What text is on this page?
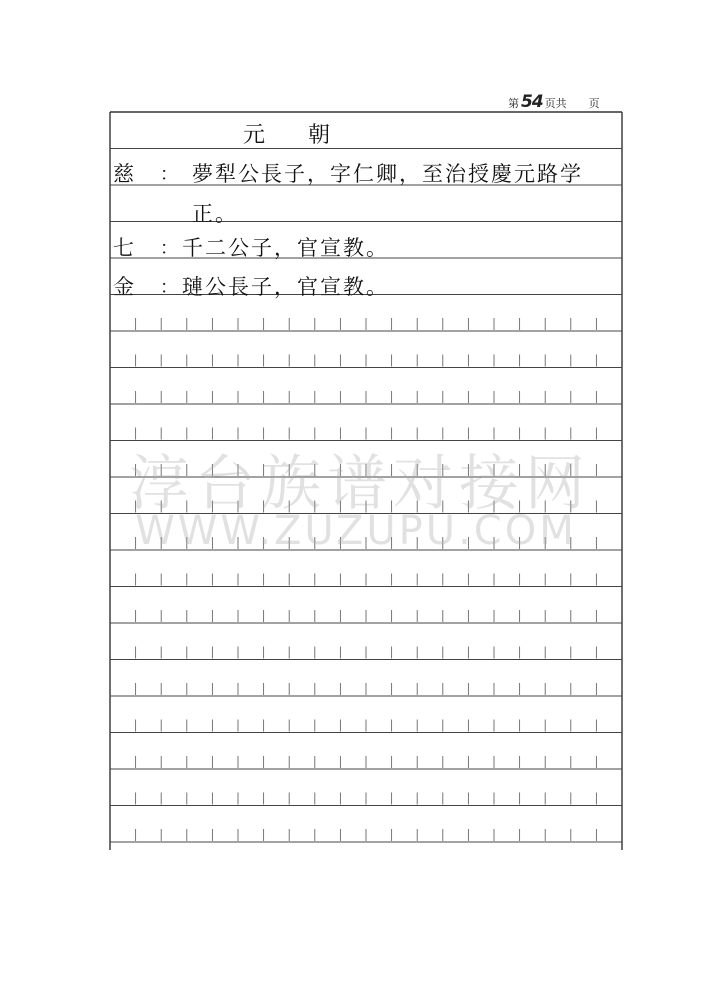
第 54 页共 页
元 朝
慈 ： 夢犁公長子，字仁卿，至治授慶元路学
正。
七 ： 千二公子，官宣教。
金 ： 璉公長子，官宣教。
淳台族谱对接网
WWW.ZUZUPU.COM
